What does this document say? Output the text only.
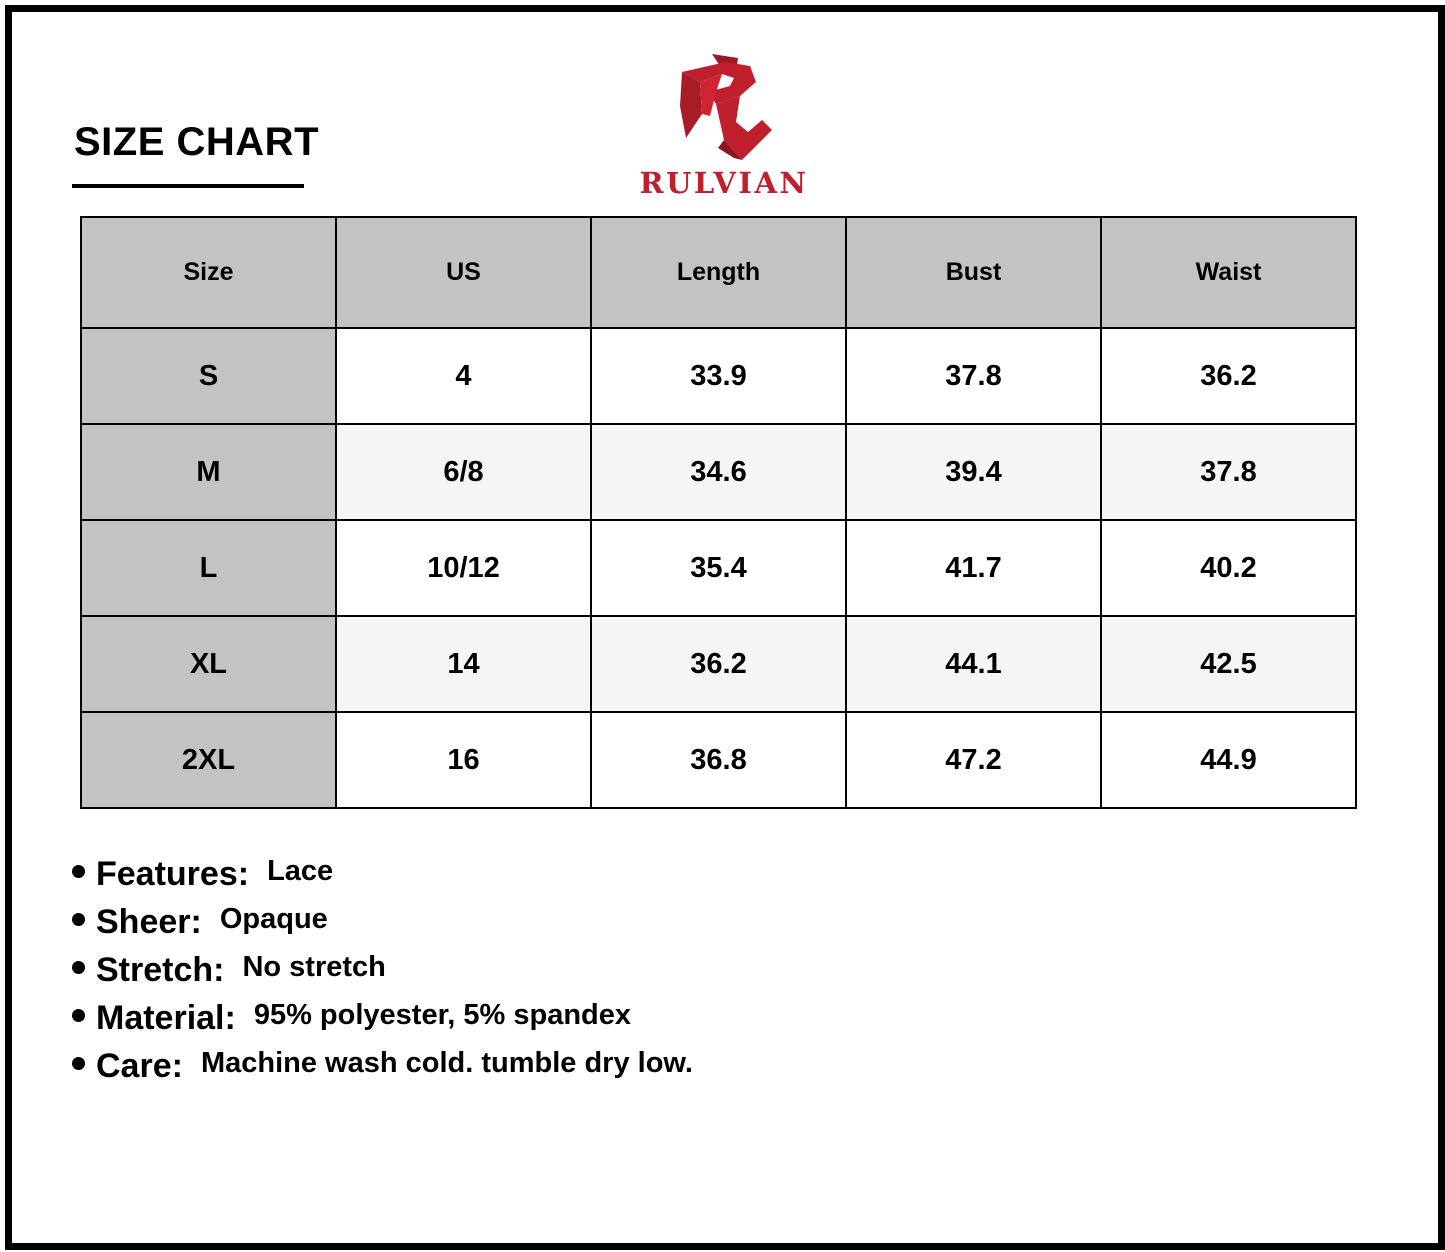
SIZE CHART
RULVIAN
Size	US	Length	Bust	Waist
S	4	33.9	37.8	36.2
M	6/8	34.6	39.4	37.8
L	10/12	35.4	41.7	40.2
XL	14	36.2	44.1	42.5
2XL	16	36.8	47.2	44.9
Features: Lace
Sheer: Opaque
Stretch: No stretch
Material: 95% polyester, 5% spandex
Care: Machine wash cold. tumble dry low.
